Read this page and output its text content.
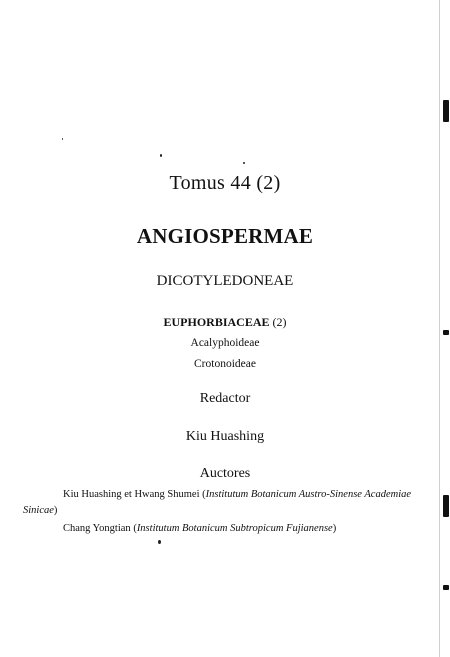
Tomus 44 (2)
ANGIOSPERMAE
DICOTYLEDONEAE
EUPHORBIACEAE (2)
Acalyphoideae
Crotonoideae
Redactor
Kiu Huashing
Auctores
Kiu Huashing et Hwang Shumei (Institutum Botanicum Austro-Sinense Academiae
Sinicae)
Chang Yongtian (Institutum Botanicum Subtropicum Fujianense)
